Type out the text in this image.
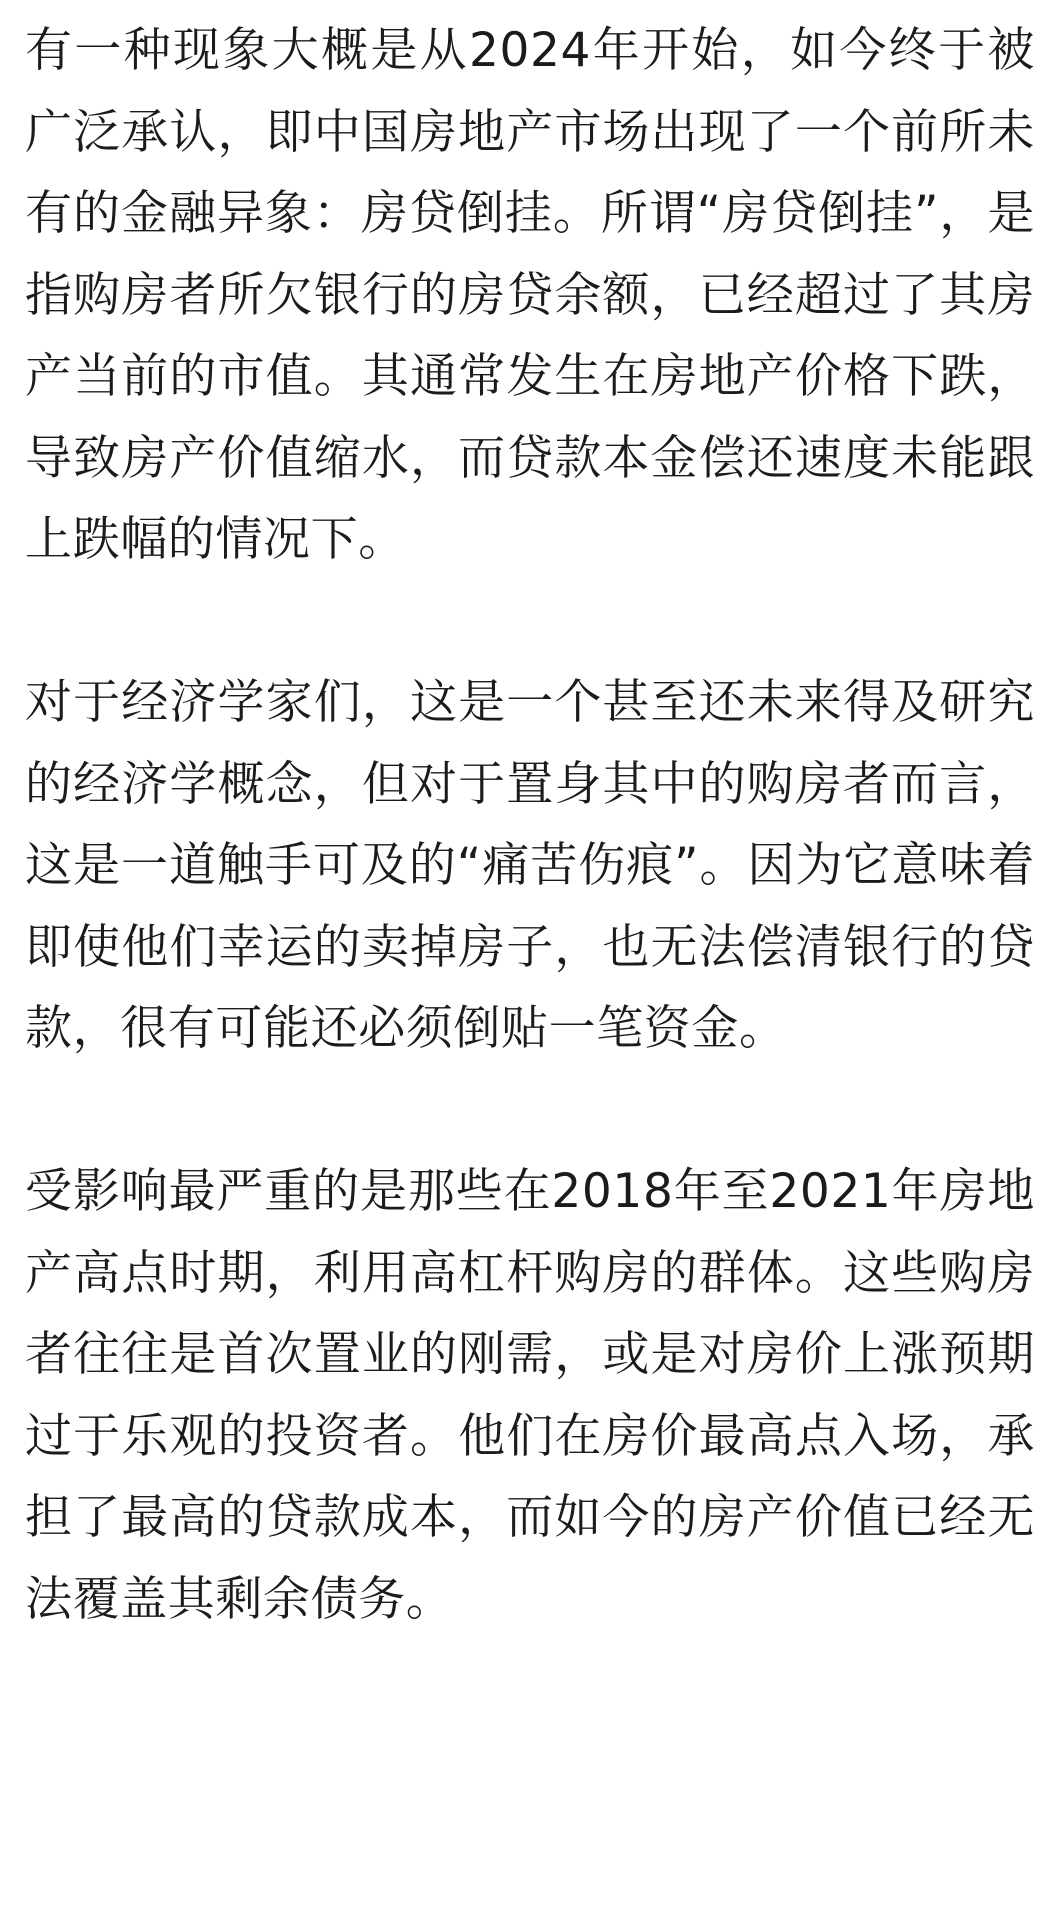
有一种现象大概是从2024年开始，如今终于被广泛承认，即中国房地产市场出现了一个前所未有的金融异象：房贷倒挂。所谓“房贷倒挂”，是指购房者所欠银行的房贷余额，已经超过了其房产当前的市值。其通常发生在房地产价格下跌，导致房产价值缩水，而贷款本金偿还速度未能跟上跌幅的情况下。

对于经济学家们，这是一个甚至还未来得及研究的经济学概念，但对于置身其中的购房者而言，这是一道触手可及的“痛苦伤痕”。因为它意味着即使他们幸运的卖掉房子，也无法偿清银行的贷款，很有可能还必须倒贴一笔资金。

受影响最严重的是那些在2018年至2021年房地产高点时期，利用高杠杆购房的群体。这些购房者往往是首次置业的刚需，或是对房价上涨预期过于乐观的投资者。他们在房价最高点入场，承担了最高的贷款成本，而如今的房产价值已经无法覆盖其剩余债务。
